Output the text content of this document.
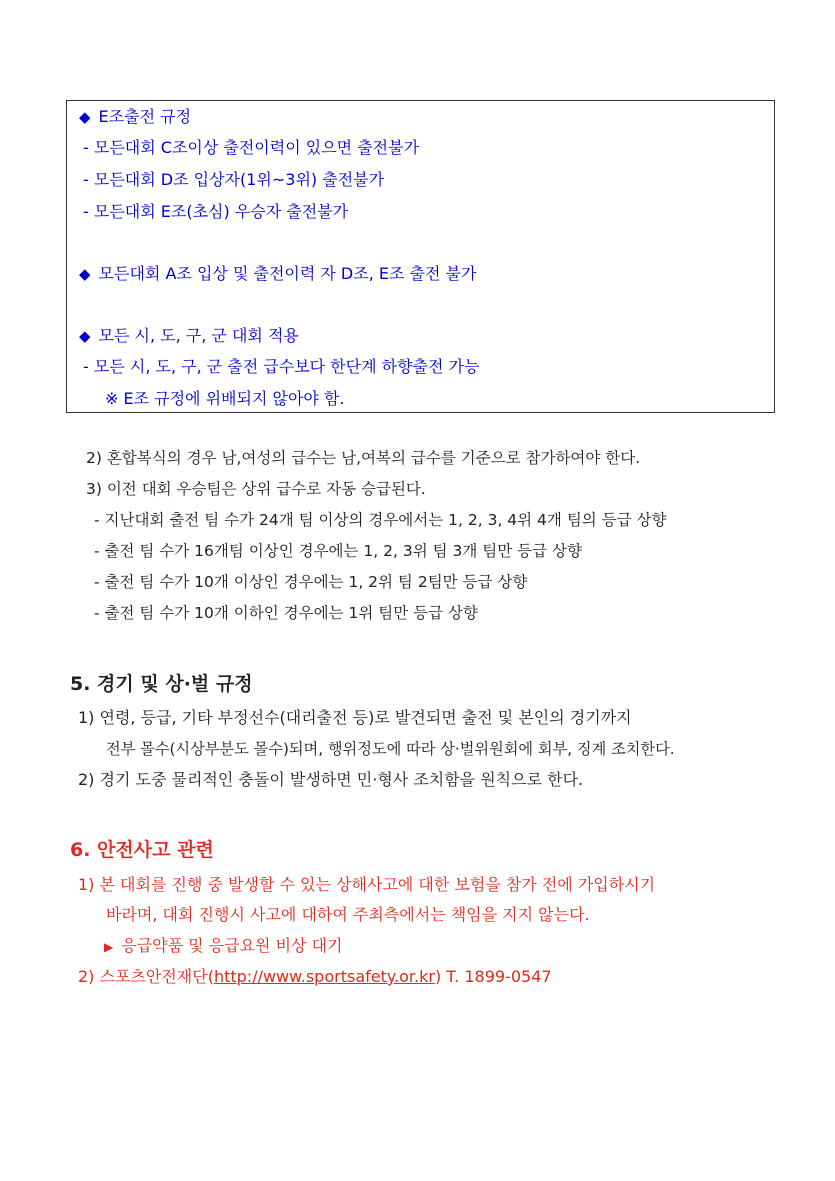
◆ E조출전 규정
- 모든대회 C조이상 출전이력이 있으면 출전불가
- 모든대회 D조 입상자(1위~3위) 출전불가
- 모든대회 E조(초심) 우승자 출전불가
◆ 모든대회 A조 입상 및 출전이력 자 D조, E조 출전 불가
◆ 모든 시, 도, 구, 군 대회 적용
- 모든 시, 도, 구, 군 출전 급수보다 한단계 하향출전 가능
※ E조 규정에 위배되지 않아야 함.
2) 혼합복식의 경우 남,여성의 급수는 남,여복의 급수를 기준으로 참가하여야 한다.
3) 이전 대회 우승팀은 상위 급수로 자동 승급된다.
- 지난대회 출전 팀 수가 24개 팀 이상의 경우에서는 1, 2, 3, 4위 4개 팀의 등급 상향
- 출전 팀 수가 16개팀 이상인 경우에는 1, 2, 3위 팀 3개 팀만 등급 상향
- 출전 팀 수가 10개 이상인 경우에는 1, 2위 팀 2팀만 등급 상향
- 출전 팀 수가 10개 이하인 경우에는 1위 팀만 등급 상향
5. 경기 및 상·벌 규정
1) 연령, 등급, 기타 부정선수(대리출전 등)로 발견되면 출전 및 본인의 경기까지
전부 몰수(시상부분도 몰수)되며, 행위정도에 따라 상·벌위원회에 회부, 징계 조치한다.
2) 경기 도중 물리적인 충돌이 발생하면 민·형사 조치함을 원칙으로 한다.
6. 안전사고 관련
1) 본 대회를 진행 중 발생할 수 있는 상해사고에 대한 보험을 참가 전에 가입하시기
바라며, 대회 진행시 사고에 대하여 주최측에서는 책임을 지지 않는다.
▶ 응급약품 및 응급요원 비상 대기
2) 스포츠안전재단(http://www.sportsafety.or.kr) T. 1899-0547
